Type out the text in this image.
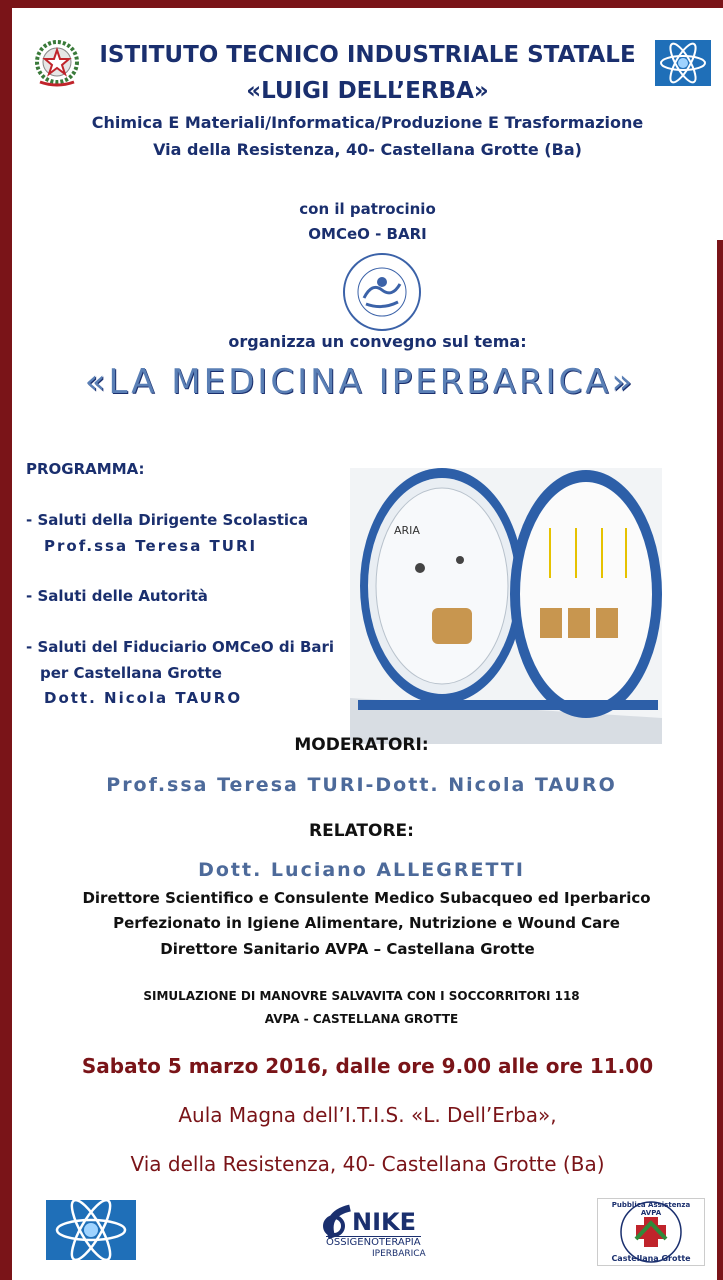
ISTITUTO TECNICO INDUSTRIALE STATALE
«LUIGI DELL’ERBA»
Chimica E Materiali/Informatica/Produzione E Trasformazione
Via della Resistenza, 40- Castellana Grotte (Ba)
con il patrocinio
OMCeO - BARI
organizza un convegno sul tema:
«LA MEDICINA IPERBARICA»
PROGRAMMA:
- Saluti della Dirigente Scolastica
Prof.ssa Teresa TURI
- Saluti delle Autorità
- Saluti del Fiduciario OMCeO di Bari
per Castellana Grotte
Dott. Nicola TAURO
ARIA
MODERATORI:
Prof.ssa Teresa TURI-Dott. Nicola TAURO
RELATORE:
Dott. Luciano ALLEGRETTI
Direttore Scientifico e Consulente Medico Subacqueo ed Iperbarico
Perfezionato in Igiene Alimentare, Nutrizione e Wound Care
Direttore Sanitario AVPA – Castellana Grotte
SIMULAZIONE DI MANOVRE SALVAVITA CON I SOCCORRITORI 118
AVPA - CASTELLANA GROTTE
Sabato 5 marzo 2016, dalle ore 9.00 alle ore 11.00
Aula Magna dell’I.T.I.S. «L. Dell’Erba»,
Via della Resistenza, 40- Castellana Grotte (Ba)
NIKE
OSSIGENOTERAPIA
IPERBARICA
Pubblica Assistenza AVPA
Castellana Grotte
